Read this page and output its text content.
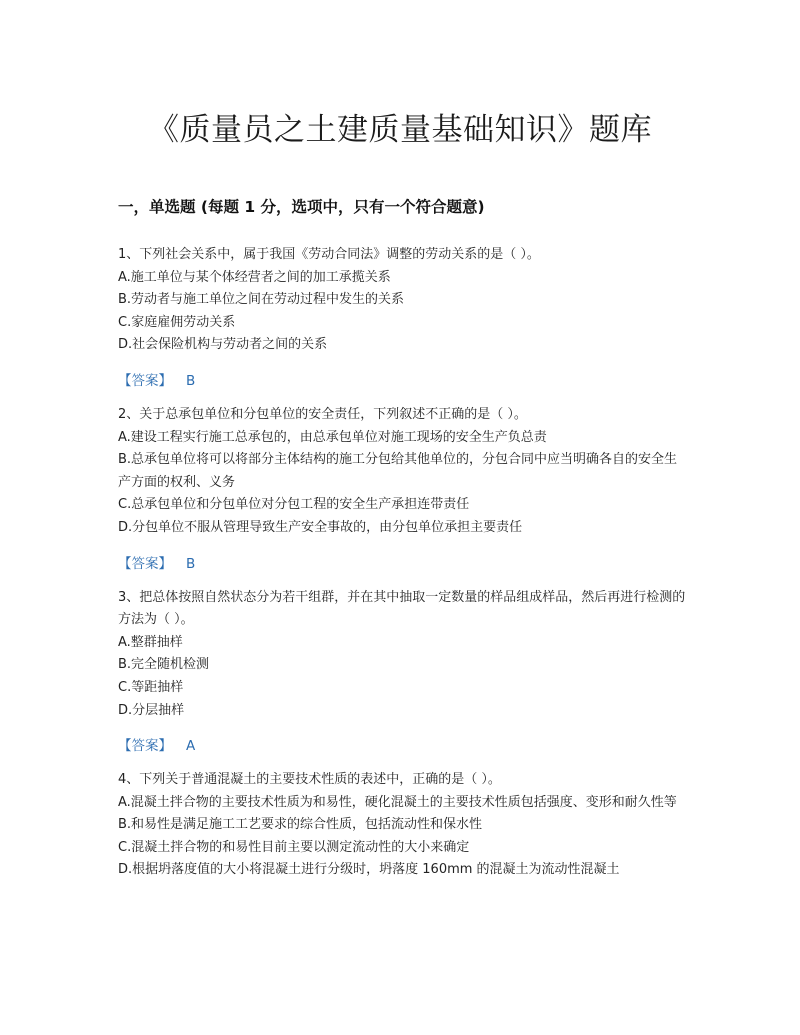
《质量员之土建质量基础知识》题库
一，单选题 (每题 1 分，选项中，只有一个符合题意)
1、下列社会关系中，属于我国《劳动合同法》调整的劳动关系的是（ ）。
A.施工单位与某个体经营者之间的加工承揽关系
B.劳动者与施工单位之间在劳动过程中发生的关系
C.家庭雇佣劳动关系
D.社会保险机构与劳动者之间的关系
【答案】 B
2、关于总承包单位和分包单位的安全责任，下列叙述不正确的是（ ）。
A.建设工程实行施工总承包的，由总承包单位对施工现场的安全生产负总责
B.总承包单位将可以将部分主体结构的施工分包给其他单位的，分包合同中应当明确各自的安全生产方面的权利、义务
C.总承包单位和分包单位对分包工程的安全生产承担连带责任
D.分包单位不服从管理导致生产安全事故的，由分包单位承担主要责任
【答案】 B
3、把总体按照自然状态分为若干组群，并在其中抽取一定数量的样品组成样品，然后再进行检测的方法为（ ）。
A.整群抽样
B.完全随机检测
C.等距抽样
D.分层抽样
【答案】 A
4、下列关于普通混凝土的主要技术性质的表述中，正确的是（ ）。
A.混凝土拌合物的主要技术性质为和易性，硬化混凝土的主要技术性质包括强度、变形和耐久性等
B.和易性是满足施工工艺要求的综合性质，包括流动性和保水性
C.混凝土拌合物的和易性目前主要以测定流动性的大小来确定
D.根据坍落度值的大小将混凝土进行分级时，坍落度 160mm 的混凝土为流动性混凝土
